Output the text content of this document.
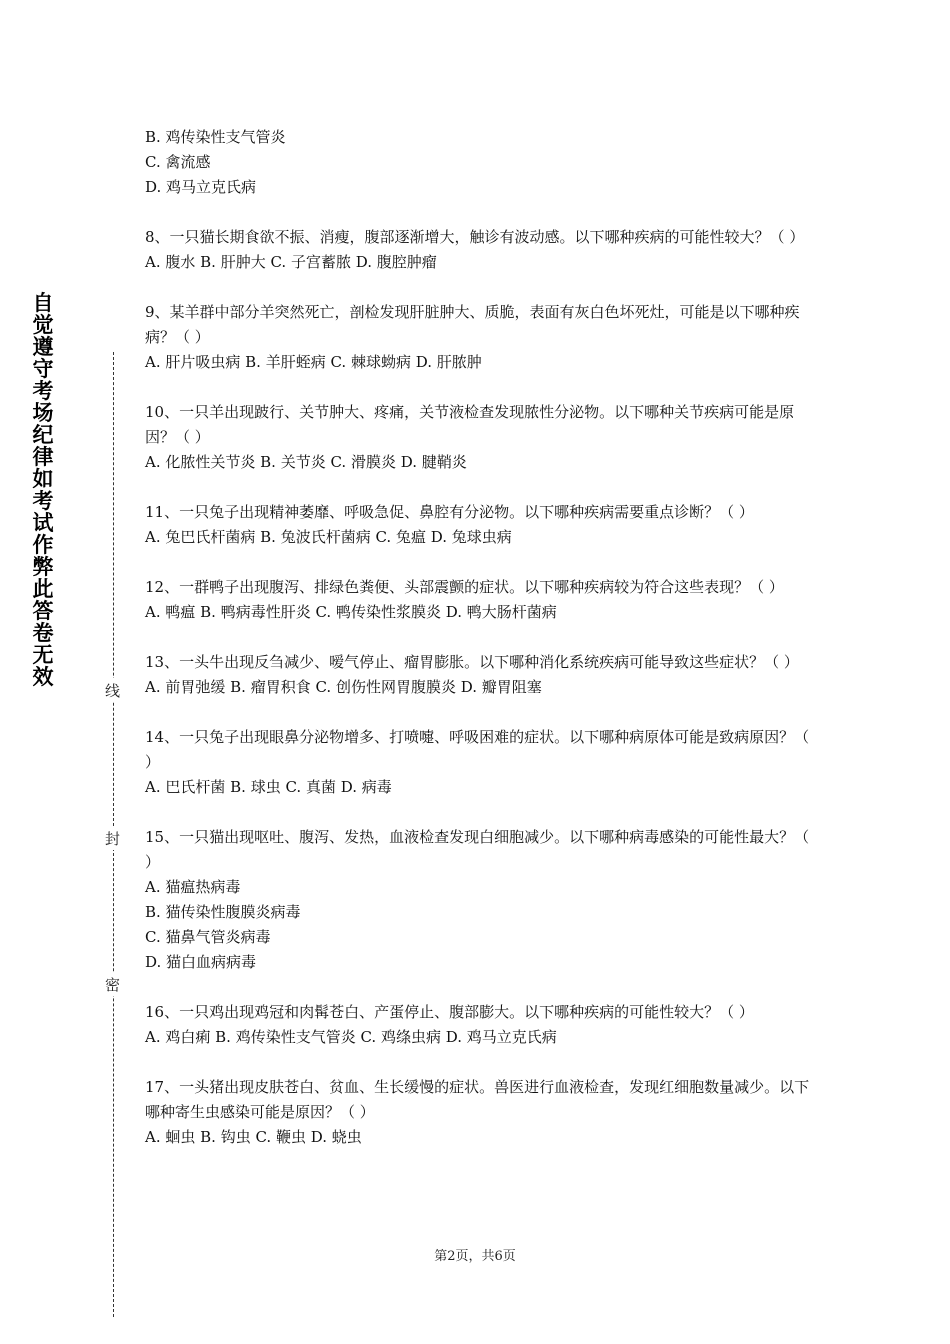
自觉遵守考场纪律如考试作弊此答卷无效
线
封
密
B. 鸡传染性支气管炎
C. 禽流感
D. 鸡马立克氏病

8、一只猫长期食欲不振、消瘦，腹部逐渐增大，触诊有波动感。以下哪种疾病的可能性较大？（ ）

A. 腹水 B. 肝肿大 C. 子宫蓄脓 D. 腹腔肿瘤

9、某羊群中部分羊突然死亡，剖检发现肝脏肿大、质脆，表面有灰白色坏死灶，可能是以下哪种疾病？（ ）

A. 肝片吸虫病 B. 羊肝蛭病 C. 棘球蚴病 D. 肝脓肿

10、一只羊出现跛行、关节肿大、疼痛，关节液检查发现脓性分泌物。以下哪种关节疾病可能是原因？（ ）

A. 化脓性关节炎 B. 关节炎 C. 滑膜炎 D. 腱鞘炎

11、一只兔子出现精神萎靡、呼吸急促、鼻腔有分泌物。以下哪种疾病需要重点诊断？（ ）

A. 兔巴氏杆菌病 B. 兔波氏杆菌病 C. 兔瘟 D. 兔球虫病

12、一群鸭子出现腹泻、排绿色粪便、头部震颤的症状。以下哪种疾病较为符合这些表现？（ ）

A. 鸭瘟 B. 鸭病毒性肝炎 C. 鸭传染性浆膜炎 D. 鸭大肠杆菌病

13、一头牛出现反刍减少、嗳气停止、瘤胃膨胀。以下哪种消化系统疾病可能导致这些症状？（ ）

A. 前胃弛缓 B. 瘤胃积食 C. 创伤性网胃腹膜炎 D. 瓣胃阻塞

14、一只兔子出现眼鼻分泌物增多、打喷嚏、呼吸困难的症状。以下哪种病原体可能是致病原因？（ ）

A. 巴氏杆菌 B. 球虫 C. 真菌 D. 病毒

15、一只猫出现呕吐、腹泻、发热，血液检查发现白细胞减少。以下哪种病毒感染的可能性最大？（ ）

A. 猫瘟热病毒
B. 猫传染性腹膜炎病毒
C. 猫鼻气管炎病毒
D. 猫白血病病毒

16、一只鸡出现鸡冠和肉髯苍白、产蛋停止、腹部膨大。以下哪种疾病的可能性较大？（ ）

A. 鸡白痢 B. 鸡传染性支气管炎 C. 鸡绦虫病 D. 鸡马立克氏病

17、一头猪出现皮肤苍白、贫血、生长缓慢的症状。兽医进行血液检查，发现红细胞数量减少。以下哪种寄生虫感染可能是原因？（ ）

A. 蛔虫 B. 钩虫 C. 鞭虫 D. 蛲虫
第2页，共6页
